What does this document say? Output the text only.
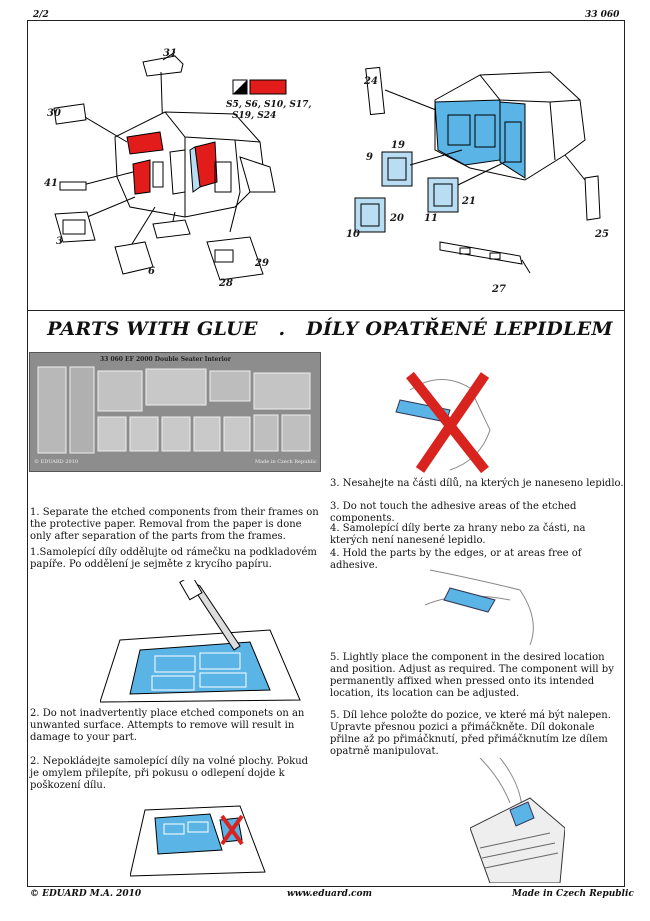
2/2	33 060
S5, S6, S10, S17,
S19, S24
31
30
41
3
6
28
29
24
19
9
10
20 11
21
25
27
PARTS WITH GLUE . DÍLY OPATŘENÉ LEPIDLEM
33 060 EF 2000 Double Seater Interior
© EDUARD 2010	Made in Czech Republic
1. Separate the etched components from their frames on the protective paper. Removal from the paper is done only after separation of the parts from the frames.
1.Samolepící díly oddělujte od rámečku na podkladovém papíře. Po oddělení je sejměte z krycího papíru.
2. Do not inadvertently place etched componets on an unwanted surface. Attempts to remove will result in damage to your part.
2. Nepokládejte samolepící díly na volné plochy. Pokud je omylem přilepíte, při pokusu o odlepení dojde k poškození dílu.
3. Nesahejte na části dílů, na kterých je naneseno lepidlo.
3. Do not touch the adhesive areas of the etched components.
4. Samolepící díly berte za hrany nebo za části, na kterých není nanesené lepidlo.
4. Hold the parts by the edges, or at areas free of adhesive.
5. Lightly place the component in the desired location and position. Adjust as required. The component will by permanently affixed when pressed onto its intended location, its location can be adjusted.
5. Díl lehce položte do pozice, ve které má být nalepen. Upravte přesnou pozici a přimáčkněte. Díl dokonale přilne až po přimáčknutí, před přimáčknutím lze dílem opatrně manipulovat.
© EDUARD M.A. 2010	www.eduard.com	Made in Czech Republic
